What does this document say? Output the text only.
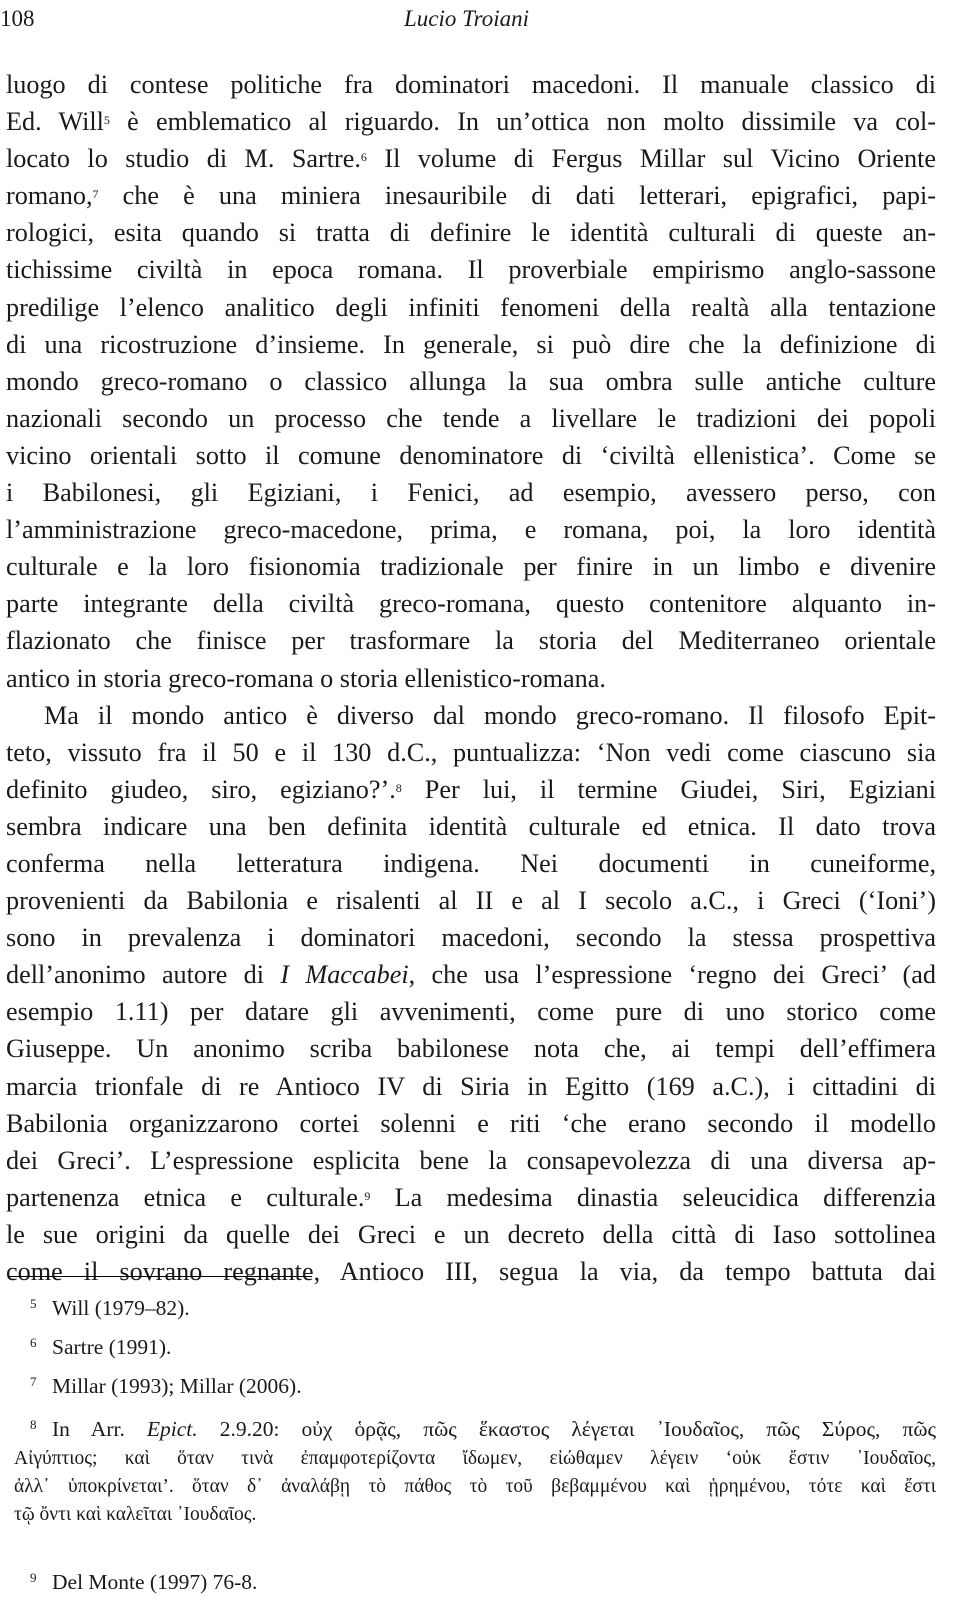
108	Lucio Troiani
luogo di contese politiche fra dominatori macedoni. Il manuale classico di
Ed. Will$^5$ è emblematico al riguardo. In un’ottica non molto dissimile va col-
locato lo studio di M. Sartre.$^6$ Il volume di Fergus Millar sul Vicino Oriente
romano,$^7$ che è una miniera inesauribile di dati letterari, epigrafici, papi-
rologici, esita quando si tratta di definire le identità culturali di queste an-
tichissime civiltà in epoca romana. Il proverbiale empirismo anglo-sassone
predilige l’elenco analitico degli infiniti fenomeni della realtà alla tentazione
di una ricostruzione d’insieme. In generale, si può dire che la definizione di
mondo greco-romano o classico allunga la sua ombra sulle antiche culture
nazionali secondo un processo che tende a livellare le tradizioni dei popoli
vicino orientali sotto il comune denominatore di ‘civiltà ellenistica’. Come se
i Babilonesi, gli Egiziani, i Fenici, ad esempio, avessero perso, con
l’amministrazione greco-macedone, prima, e romana, poi, la loro identità
culturale e la loro fisionomia tradizionale per finire in un limbo e divenire
parte integrante della civiltà greco-romana, questo contenitore alquanto in-
flazionato che finisce per trasformare la storia del Mediterraneo orientale
antico in storia greco-romana o storia ellenistico-romana.
Ma il mondo antico è diverso dal mondo greco-romano. Il filosofo Epit-
teto, vissuto fra il 50 e il 130 d.C., puntualizza: ‘Non vedi come ciascuno sia
definito giudeo, siro, egiziano?’.$^8$ Per lui, il termine Giudei, Siri, Egiziani
sembra indicare una ben definita identità culturale ed etnica. Il dato trova
conferma nella letteratura indigena. Nei documenti in cuneiforme,
provenienti da Babilonia e risalenti al II e al I secolo a.C., i Greci (‘Ioni’)
sono in prevalenza i dominatori macedoni, secondo la stessa prospettiva
dell’anonimo autore di I Maccabei, che usa l’espressione ‘regno dei Greci’ (ad
esempio 1.11) per datare gli avvenimenti, come pure di uno storico come
Giuseppe. Un anonimo scriba babilonese nota che, ai tempi dell’effimera
marcia trionfale di re Antioco IV di Siria in Egitto (169 a.C.), i cittadini di
Babilonia organizzarono cortei solenni e riti ‘che erano secondo il modello
dei Greci’. L’espressione esplicita bene la consapevolezza di una diversa ap-
partenenza etnica e culturale.$^9$ La medesima dinastia seleucidica differenzia
le sue origini da quelle dei Greci e un decreto della città di Iaso sottolinea
come il sovrano regnante, Antioco III, segua la via, da tempo battuta dai
5 Will (1979–82).
6 Sartre (1991).
7 Millar (1993); Millar (2006).
8 In Arr. Epict. 2.9.20: οὐχ ὁρᾷς, πῶς ἕκαστος λέγεται ᾿Ιουδαῖος, πῶς Σύρος, πῶς
Αἰγύπτιος; καὶ ὅταν τινὰ ἐπαμφοτερίζοντα ἴδωμεν, εἰώθαμεν λέγειν ‘οὐκ ἔστιν ᾿Ιουδαῖος,
ἀλλ᾿ ὑποκρίνεται’. ὅταν δ᾿ ἀναλάβῃ τὸ πάθος τὸ τοῦ βεβαμμένου καὶ ᾑρημένου, τότε καὶ ἔστι
τῷ ὄντι καὶ καλεῖται ᾿Ιουδαῖος.
9 Del Monte (1997) 76-8.
